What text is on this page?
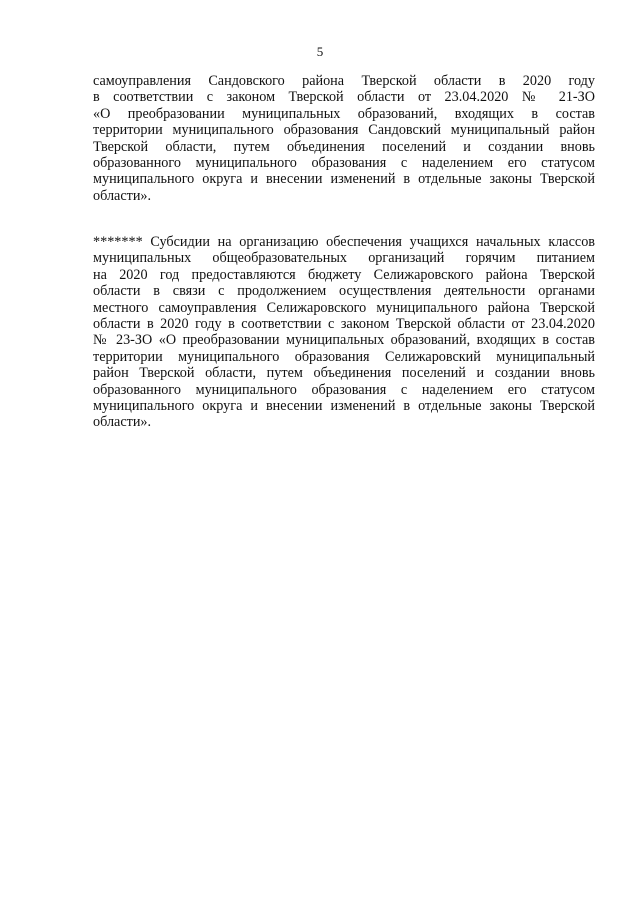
5
самоуправления Сандовского района Тверской области в 2020 году
в соответствии с законом Тверской области от 23.04.2020 № 21-ЗО
«О преобразовании муниципальных образований, входящих в состав
территории муниципального образования Сандовский муниципальный район
Тверской области, путем объединения поселений и создании вновь
образованного муниципального образования с наделением его статусом
муниципального округа и внесении изменений в отдельные законы Тверской
области».
******* Субсидии на организацию обеспечения учащихся начальных классов
муниципальных общеобразовательных организаций горячим питанием
на 2020 год предоставляются бюджету Селижаровского района Тверской
области в связи с продолжением осуществления деятельности органами
местного самоуправления Селижаровского муниципального района Тверской
области в 2020 году в соответствии с законом Тверской области от 23.04.2020
№ 23-ЗО «О преобразовании муниципальных образований, входящих в состав
территории муниципального образования Селижаровский муниципальный
район Тверской области, путем объединения поселений и создании вновь
образованного муниципального образования с наделением его статусом
муниципального округа и внесении изменений в отдельные законы Тверской
области».
